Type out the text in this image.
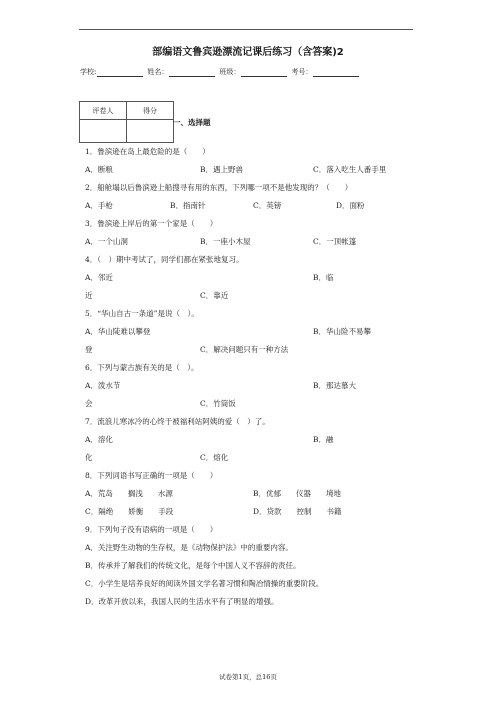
部编语文鲁宾逊漂流记课后练习（含答案)2
学校:	姓名：	班级：	考号：
评卷人	得分

一、选择题
1．鲁滨逊在岛上最危险的是（　　）
A．断粮	B．遇上野兽	C．落入吃生人番手里
2．船舱塌以后鲁滨逊上船搜寻有用的东西，下列哪一项不是他发现的？（　　）
A．手枪	B．指南针	C．英镑	D．面粉
3．鲁滨逊上岸后的第一个家是（　　）
A．一个山洞	B．一座小木屋	C．一顶帐篷
4．（　）期中考试了，同学们都在紧张地复习。
A．邻近	B．临
近	C．靠近
5．“华山自古一条道”是说（　）。
A．华山陡难以攀登	B．华山险不易攀
登	C．解决问题只有一种方法
6．下列与蒙古族有关的是（　）。
A．泼水节	B．那达慕大
会	C．竹筒饭
7．流浪儿寒冰冷的心终于被福利站阿姨的爱（　）了。
A．溶化	B．融
化	C．熔化
8．下列词语书写正确的一项是（　　）
A．荒岛　　搁浅　　水源	B．优郁　　仪器　　境地
C．隔绝　　娇衡　　手段	D．贷款　　控制　　书籍
9．下列句子没有语病的一项是（　　）
A．关注野生动物的生存权，是《动物保护法》中的重要内容。
B．传承并了解我们的传统文化，是每个中国人义不容辞的责任。
C．小学生是培养良好的阅读外国文学名著习惯和陶冶情操的重要阶段。
D．改革开放以来，我国人民的生活水平有了明显的增强。
试卷第1页，总16页
